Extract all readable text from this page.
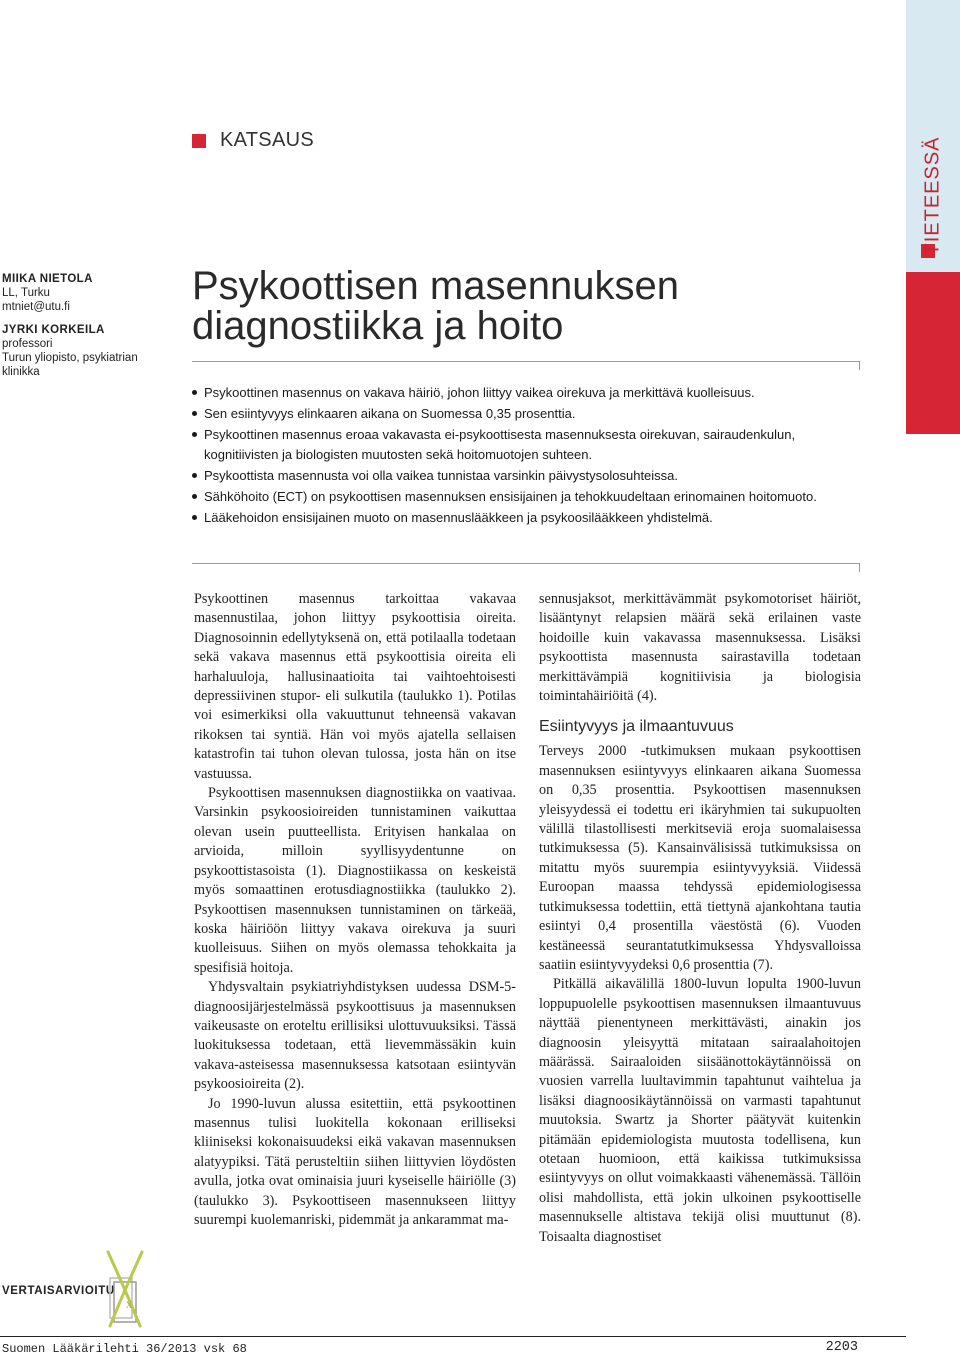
TIETEESSÄ
KATSAUS
MIIKA NIETOLA
LL, Turku
mtniet@utu.fi
JYRKI KORKEILA
professori
Turun yliopisto, psykiatrian
klinikka
Psykoottisen masennuksen
diagnostiikka ja hoito
Psykoottinen masennus on vakava häiriö, johon liittyy vaikea oirekuva ja merkittävä kuolleisuus.
Sen esiintyvyys elinkaaren aikana on Suomessa 0,35 prosenttia.
Psykoottinen masennus eroaa vakavasta ei-psykoottisesta masennuksesta oirekuvan, sairaudenkulun, kognitiivisten ja biologisten muutosten sekä hoitomuotojen suhteen.
Psykoottista masennusta voi olla vaikea tunnistaa varsinkin päivystysolosuhteissa.
Sähköhoito (ECT) on psykoottisen masennuksen ensisijainen ja tehokkuudeltaan erinomainen hoitomuoto.
Lääkehoidon ensisijainen muoto on masennuslääkkeen ja psykoosilääkkeen yhdistelmä.

Psykoottinen masennus tarkoittaa vakavaa masennustilaa, johon liittyy psykoottisia oireita. Diagnosoinnin edellytyksenä on, että potilaalla todetaan sekä vakava masennus että psykoottisia oireita eli harhaluuloja, hallusinaatioita tai vaihtoehtoisesti depressiivinen stupor- eli sulkutila (taulukko 1). Potilas voi esimerkiksi olla vakuuttunut tehneensä vakavan rikoksen tai syntiä. Hän voi myös ajatella sellaisen katastrofin tai tuhon olevan tulossa, josta hän on itse vastuussa.

Psykoottisen masennuksen diagnostiikka on vaativaa. Varsinkin psykoosioireiden tunnistaminen vaikuttaa olevan usein puutteellista. Erityisen hankalaa on arvioida, milloin syyllisyydentunne on psykoottistasoista (1). Diagnostiikassa on keskeistä myös somaattinen erotusdiagnostiikka (taulukko 2). Psykoottisen masennuksen tunnistaminen on tärkeää, koska häiriöön liittyy vakava oirekuva ja suuri kuolleisuus. Siihen on myös olemassa tehokkaita ja spesifisiä hoitoja.

Yhdysvaltain psykiatriyhdistyksen uudessa DSM-5-diagnoosijärjestelmässä psykoottisuus ja masennuksen vaikeusaste on eroteltu erillisiksi ulottuvuuksiksi. Tässä luokituksessa todetaan, että lievemmässäkin kuin vakava-asteisessa masennuksessa katsotaan esiintyvän psykoosioireita (2).

Jo 1990-luvun alussa esitettiin, että psykoottinen masennus tulisi luokitella kokonaan erilliseksi kliiniseksi kokonaisuudeksi eikä vakavan masennuksen alatyypiksi. Tätä perusteltiin siihen liittyvien löydösten avulla, jotka ovat ominaisia juuri kyseiselle häiriölle (3) (taulukko 3). Psykoottiseen masennukseen liittyy suurempi kuolemanriski, pidemmät ja ankarammat ma-

sennusjaksot, merkittävämmät psykomotoriset häiriöt, lisääntynyt relapsien määrä sekä erilainen vaste hoidoille kuin vakavassa masennuksessa. Lisäksi psykoottista masennusta sairastavilla todetaan merkittävämpiä kognitiivisia ja biologisia toimintahäiriöitä (4).

Esiintyvyys ja ilmaantuvuus

Terveys 2000 -tutkimuksen mukaan psykoottisen masennuksen esiintyvyys elinkaaren aikana Suomessa on 0,35 prosenttia. Psykoottisen masennuksen yleisyydessä ei todettu eri ikäryhmien tai sukupuolten välillä tilastollisesti merkitseviä eroja suomalaisessa tutkimuksessa (5). Kansainvälisissä tutkimuksissa on mitattu myös suurempia esiintyvyyksiä. Viidessä Euroopan maassa tehdyssä epidemiologisessa tutkimuksessa todettiin, että tiettynä ajankohtana tautia esiintyi 0,4 prosentilla väestöstä (6). Vuoden kestäneessä seurantatutkimuksessa Yhdysvalloissa saatiin esiintyvyydeksi 0,6 prosenttia (7).

Pitkällä aikavälillä 1800-luvun lopulta 1900-luvun loppupuolelle psykoottisen masennuksen ilmaantuvuus näyttää pienentyneen merkittävästi, ainakin jos diagnoosin yleisyyttä mitataan sairaalahoitojen määrässä. Sairaaloiden siisäänottokäytännöissä on vuosien varrella luultavimmin tapahtunut vaihtelua ja lisäksi diagnoosikäytännöissä on varmasti tapahtunut muutoksia. Swartz ja Shorter päätyvät kuitenkin pitämään epidemiologista muutosta todellisena, kun otetaan huomioon, että kaikissa tutkimuksissa esiintyvyys on ollut voimakkaasti vähenemässä. Tällöin olisi mahdollista, että jokin ulkoinen psykoottiselle masennukselle altistava tekijä olisi muuttunut (8). Toisaalta diagnostiset

VERTAISARVIOITU
X
Suomen Lääkärilehti 36/2013 vsk 68	2203
